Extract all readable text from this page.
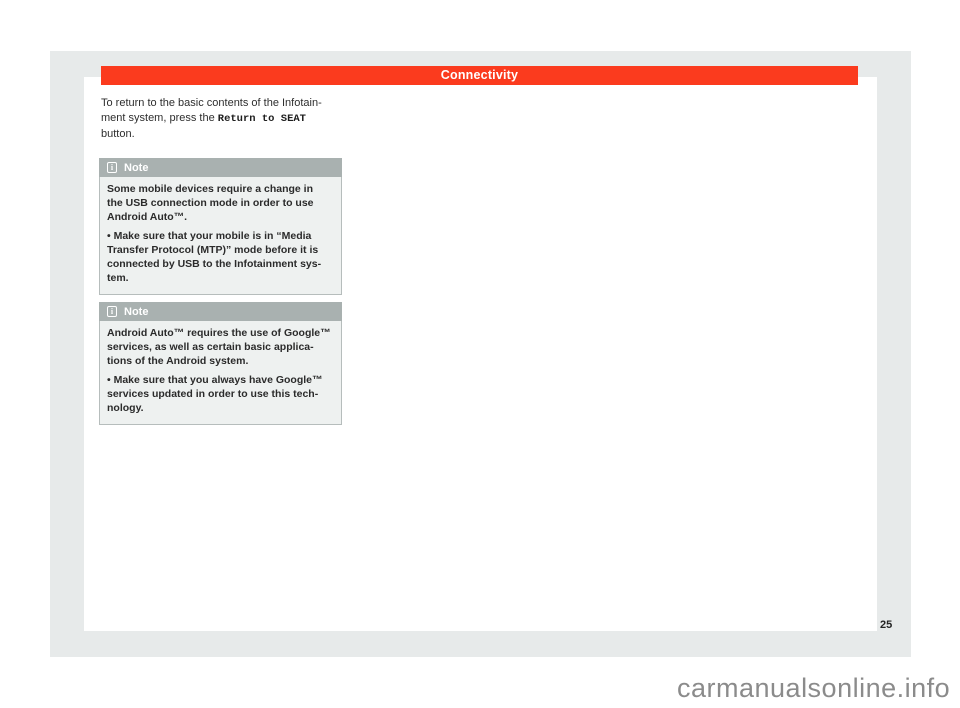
Connectivity
To return to the basic contents of the Infotain-
ment system, press the Return to SEAT
button.
i Note
Some mobile devices require a change in
the USB connection mode in order to use
Android Auto™.
• Make sure that your mobile is in “Media
Transfer Protocol (MTP)” mode before it is
connected by USB to the Infotainment sys-
tem.
i Note
Android Auto™ requires the use of Google™
services, as well as certain basic applica-
tions of the Android system.
• Make sure that you always have Google™
services updated in order to use this tech-
nology.
25
carmanualsonline.info
